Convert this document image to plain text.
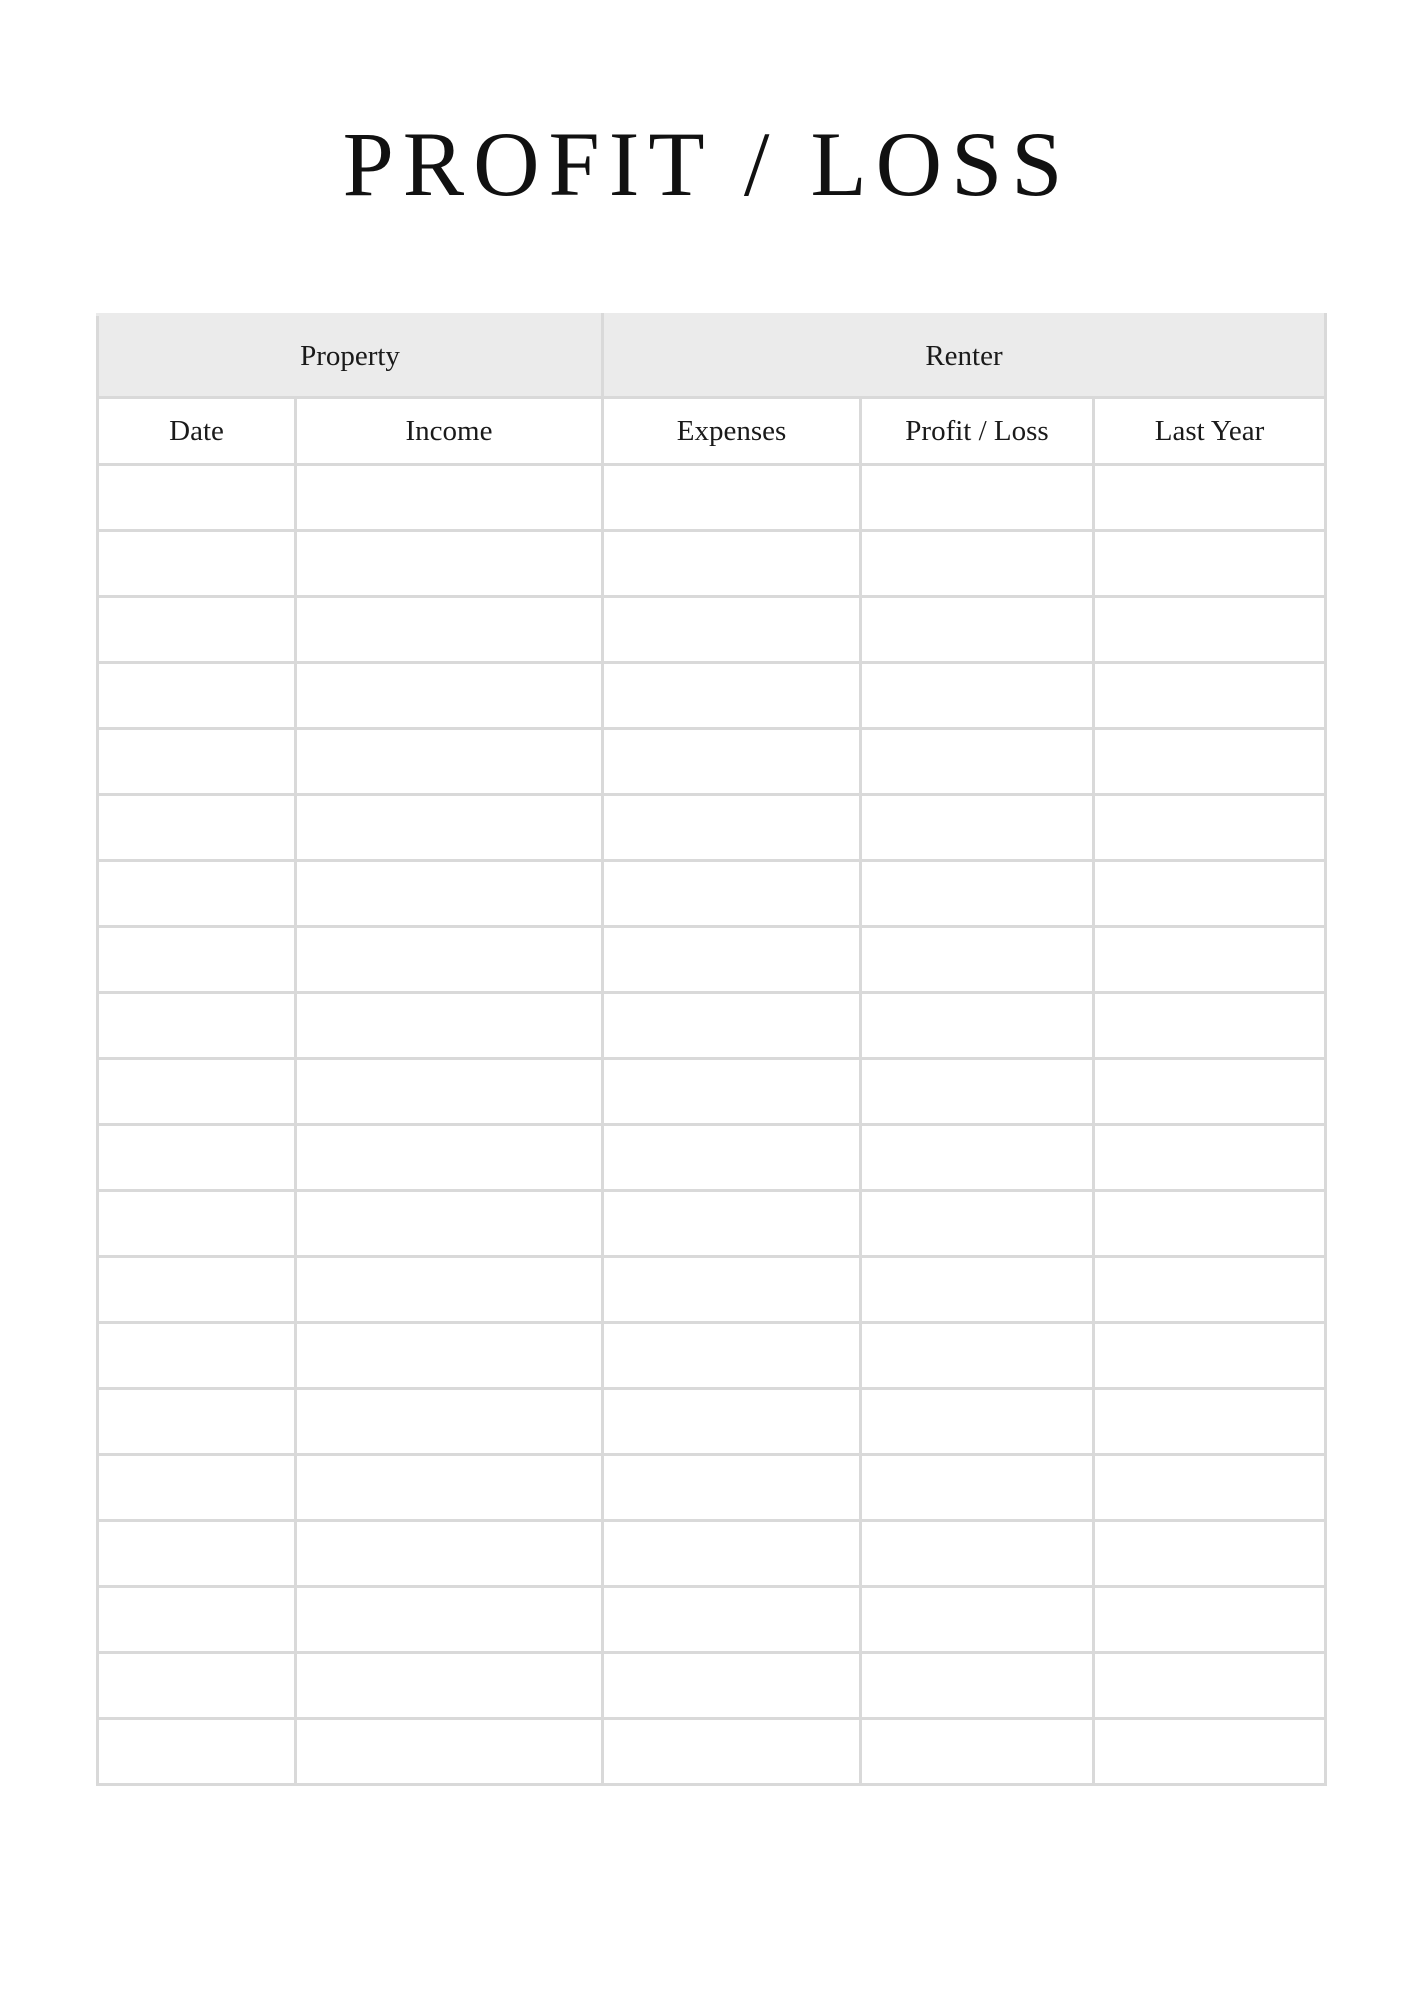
PROFIT / LOSS
Property		Renter		
Date	Income	Expenses	Profit / Loss	Last Year
